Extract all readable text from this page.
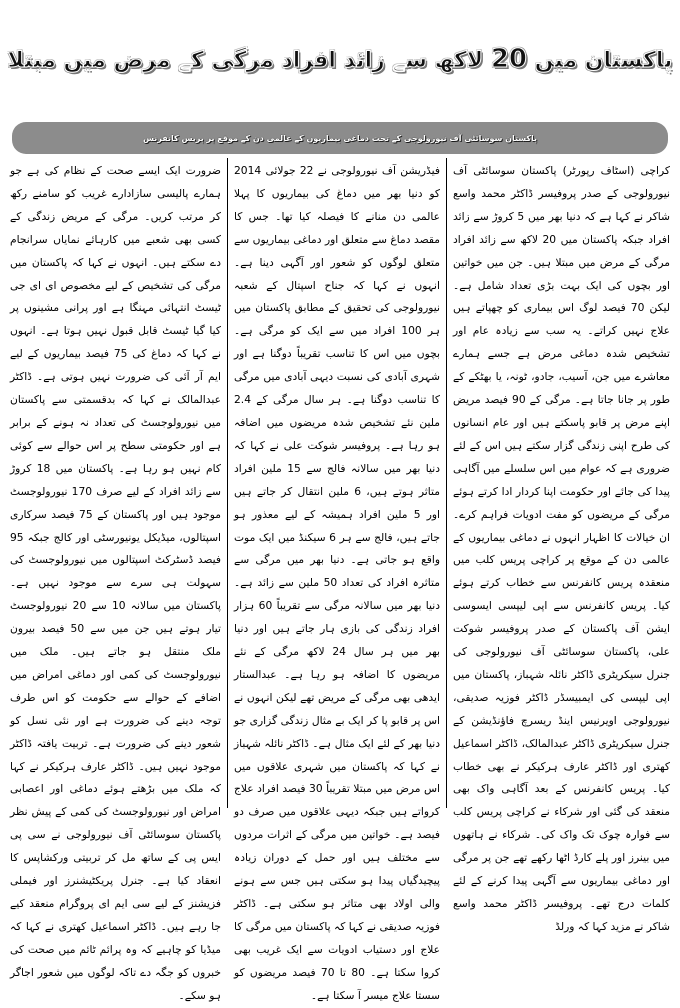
پاکستان میں 20 لاکھ سے زائد افراد مرگی کے مرض میں مبتلا
پاکستان سوسائٹی آف نیورولوجی کے تحت دماغی بیماریوں کے عالمی دن کے موقع پر پریس کانفرنس
کراچی (اسٹاف رپورٹر) پاکستان سوسائٹی آف نیورولوجی کے صدر پروفیسر ڈاکٹر محمد واسع شاکر نے کہا ہے کہ دنیا بھر میں 5 کروڑ سے زائد افراد جبکہ پاکستان میں 20 لاکھ سے زائد افراد مرگی کے مرض میں مبتلا ہیں۔ جن میں خواتین اور بچوں کی ایک بہت بڑی تعداد شامل ہے۔ لیکن 70 فیصد لوگ اس بیماری کو چھپاتے ہیں علاج نہیں کراتے۔ یہ سب سے زیادہ عام اور تشخیص شدہ دماغی مرض ہے جسے ہمارے معاشرے میں جن، آسیب، جادو، ٹونہ، یا بھٹکے کے طور پر جانا جاتا ہے۔ مرگی کے 90 فیصد مریض اپنے مرض پر قابو پاسکتے ہیں اور عام انسانوں کی طرح اپنی زندگی گزار سکتے ہیں اس کے لئے ضروری ہے کہ عوام میں اس سلسلے میں آگاہی پیدا کی جائے اور حکومت اپنا کردار ادا کرتے ہوئے مرگی کے مریضوں کو مفت ادویات فراہم کرے۔ ان خیالات کا اظہار انہوں نے دماغی بیماریوں کے عالمی دن کے موقع پر کراچی پریس کلب میں منعقدہ پریس کانفرنس سے خطاب کرتے ہوئے کیا۔ پریس کانفرنس سے اپی لیپسی ایسوسی ایشن آف پاکستان کے صدر پروفیسر شوکت علی، پاکستان سوسائٹی آف نیورولوجی کی جنرل سیکریٹری ڈاکٹر نائلہ شہباز، پاکستان میں اپی لیپسی کی ایمبیسڈر ڈاکٹر فوزیہ صدیقی، نیورولوجی اویرنیس اینڈ ریسرچ فاؤنڈیشن کے جنرل سیکریٹری ڈاکٹر عبدالمالک، ڈاکٹر اسماعیل کھتری اور ڈاکٹر عارف ہرکیکر نے بھی خطاب کیا۔ پریس کانفرنس کے بعد آگاہی واک بھی منعقد کی گئی اور شرکاء نے کراچی پریس کلب سے فوارہ چوک تک واک کی۔ شرکاء نے ہاتھوں میں بینرز اور پلے کارڈ اٹھا رکھے تھے جن پر مرگی اور دماغی بیماریوں سے آگہی پیدا کرنے کے لئے کلمات درج تھے۔ پروفیسر ڈاکٹر محمد واسع شاکر نے مزید کہا کہ ورلڈ
فیڈریشن آف نیورولوجی نے 22 جولائی 2014 کو دنیا بھر میں دماغ کی بیماریوں کا پہلا عالمی دن منانے کا فیصلہ کیا تھا۔ جس کا مقصد دماغ سے متعلق اور دماغی بیماریوں سے متعلق لوگوں کو شعور اور آگہی دینا ہے۔ انہوں نے کہا کہ جناح اسپتال کے شعبہ نیورولوجی کی تحقیق کے مطابق پاکستان میں ہر 100 افراد میں سے ایک کو مرگی ہے۔ بچوں میں اس کا تناسب تقریباً دوگنا ہے اور شہری آبادی کی نسبت دیہی آبادی میں مرگی کا تناسب دوگنا ہے۔ ہر سال مرگی کے 2.4 ملین نئے تشخیص شدہ مریضوں میں اضافہ ہو رہا ہے۔ پروفیسر شوکت علی نے کہا کہ دنیا بھر میں سالانہ فالج سے 15 ملین افراد متاثر ہوتے ہیں، 6 ملین انتقال کر جاتے ہیں اور 5 ملین افراد ہمیشہ کے لیے معذور ہو جاتے ہیں، فالج سے ہر 6 سیکنڈ میں ایک موت واقع ہو جاتی ہے۔ دنیا بھر میں مرگی سے متاثرہ افراد کی تعداد 50 ملین سے زائد ہے۔ دنیا بھر میں سالانہ مرگی سے تقریباً 60 ہزار افراد زندگی کی بازی ہار جاتے ہیں اور دنیا بھر میں ہر سال 24 لاکھ مرگی کے نئے مریضوں کا اضافہ ہو رہا ہے۔ عبدالستار ایدھی بھی مرگی کے مریض تھے لیکن انہوں نے اس پر قابو پا کر ایک بے مثال زندگی گزاری جو دنیا بھر کے لئے ایک مثال ہے۔ ڈاکٹر نائلہ شہباز نے کہا کہ پاکستان میں شہری علاقوں میں اس مرض میں مبتلا تقریباً 30 فیصد افراد علاج کرواتے ہیں جبکہ دیہی علاقوں میں صرف دو فیصد ہے۔ خواتین میں مرگی کے اثرات مردوں سے مختلف ہیں اور حمل کے دوران زیادہ پیچیدگیاں پیدا ہو سکتی ہیں جس سے ہونے والی اولاد بھی متاثر ہو سکتی ہے۔ ڈاکٹر فوزیہ صدیقی نے کہا کہ پاکستان میں مرگی کا علاج اور دستیاب ادویات سے ایک غریب بھی کروا سکتا ہے۔ 80 تا 70 فیصد مریضوں کو سستا علاج میسر آ سکتا ہے۔
ضرورت ایک ایسے صحت کے نظام کی ہے جو ہمارے پالیسی سازادارے غریب کو سامنے رکھ کر مرتب کریں۔ مرگی کے مریض زندگی کے کسی بھی شعبے میں کارہائے نمایاں سرانجام دے سکتے ہیں۔ انہوں نے کہا کہ پاکستان میں مرگی کی تشخیص کے لیے مخصوص ای ای جی ٹیسٹ انتہائی مہنگا ہے اور پرانی مشینوں پر کیا گیا ٹیسٹ قابل قبول نہیں ہوتا ہے۔ انہوں نے کہا کہ دماغ کی 75 فیصد بیماریوں کے لیے ایم آر آئی کی ضرورت نہیں ہوتی ہے۔ ڈاکٹر عبدالمالک نے کہا کہ بدقسمتی سے پاکستان میں نیورولوجسٹ کی تعداد نہ ہونے کے برابر ہے اور حکومتی سطح پر اس حوالے سے کوئی کام نہیں ہو رہا ہے۔ پاکستان میں 18 کروڑ سے زائد افراد کے لیے صرف 170 نیورولوجسٹ موجود ہیں اور پاکستان کے 75 فیصد سرکاری اسپتالوں، میڈیکل یونیورسٹی اور کالج جبکہ 95 فیصد ڈسٹرکٹ اسپتالوں میں نیورولوجسٹ کی سہولت ہی سرے سے موجود نہیں ہے۔ پاکستان میں سالانہ 10 سے 20 نیورولوجسٹ تیار ہوتے ہیں جن میں سے 50 فیصد بیرون ملک منتقل ہو جاتے ہیں۔ ملک میں نیورولوجسٹ کی کمی اور دماغی امراض میں اضافے کے حوالے سے حکومت کو اس طرف توجہ دینے کی ضرورت ہے اور نئی نسل کو شعور دینے کی ضرورت ہے۔ تربیت یافتہ ڈاکٹر موجود نہیں ہیں۔ ڈاکٹر عارف ہرکیکر نے کہا کہ ملک میں بڑھتے ہوئے دماغی اور اعصابی امراض اور نیورولوجسٹ کی کمی کے پیش نظر پاکستان سوسائٹی آف نیورولوجی نے سی پی ایس پی کے ساتھ مل کر تربیتی ورکشاپس کا انعقاد کیا ہے۔ جنرل پریکٹیشنرز اور فیملی فزیشنز کے لیے سی ایم ای پروگرام منعقد کیے جا رہے ہیں۔ ڈاکٹر اسماعیل کھتری نے کہا کہ میڈیا کو چاہیے کہ وہ پرائم ٹائم میں صحت کی خبروں کو جگہ دے تاکہ لوگوں میں شعور اجاگر ہو سکے۔
